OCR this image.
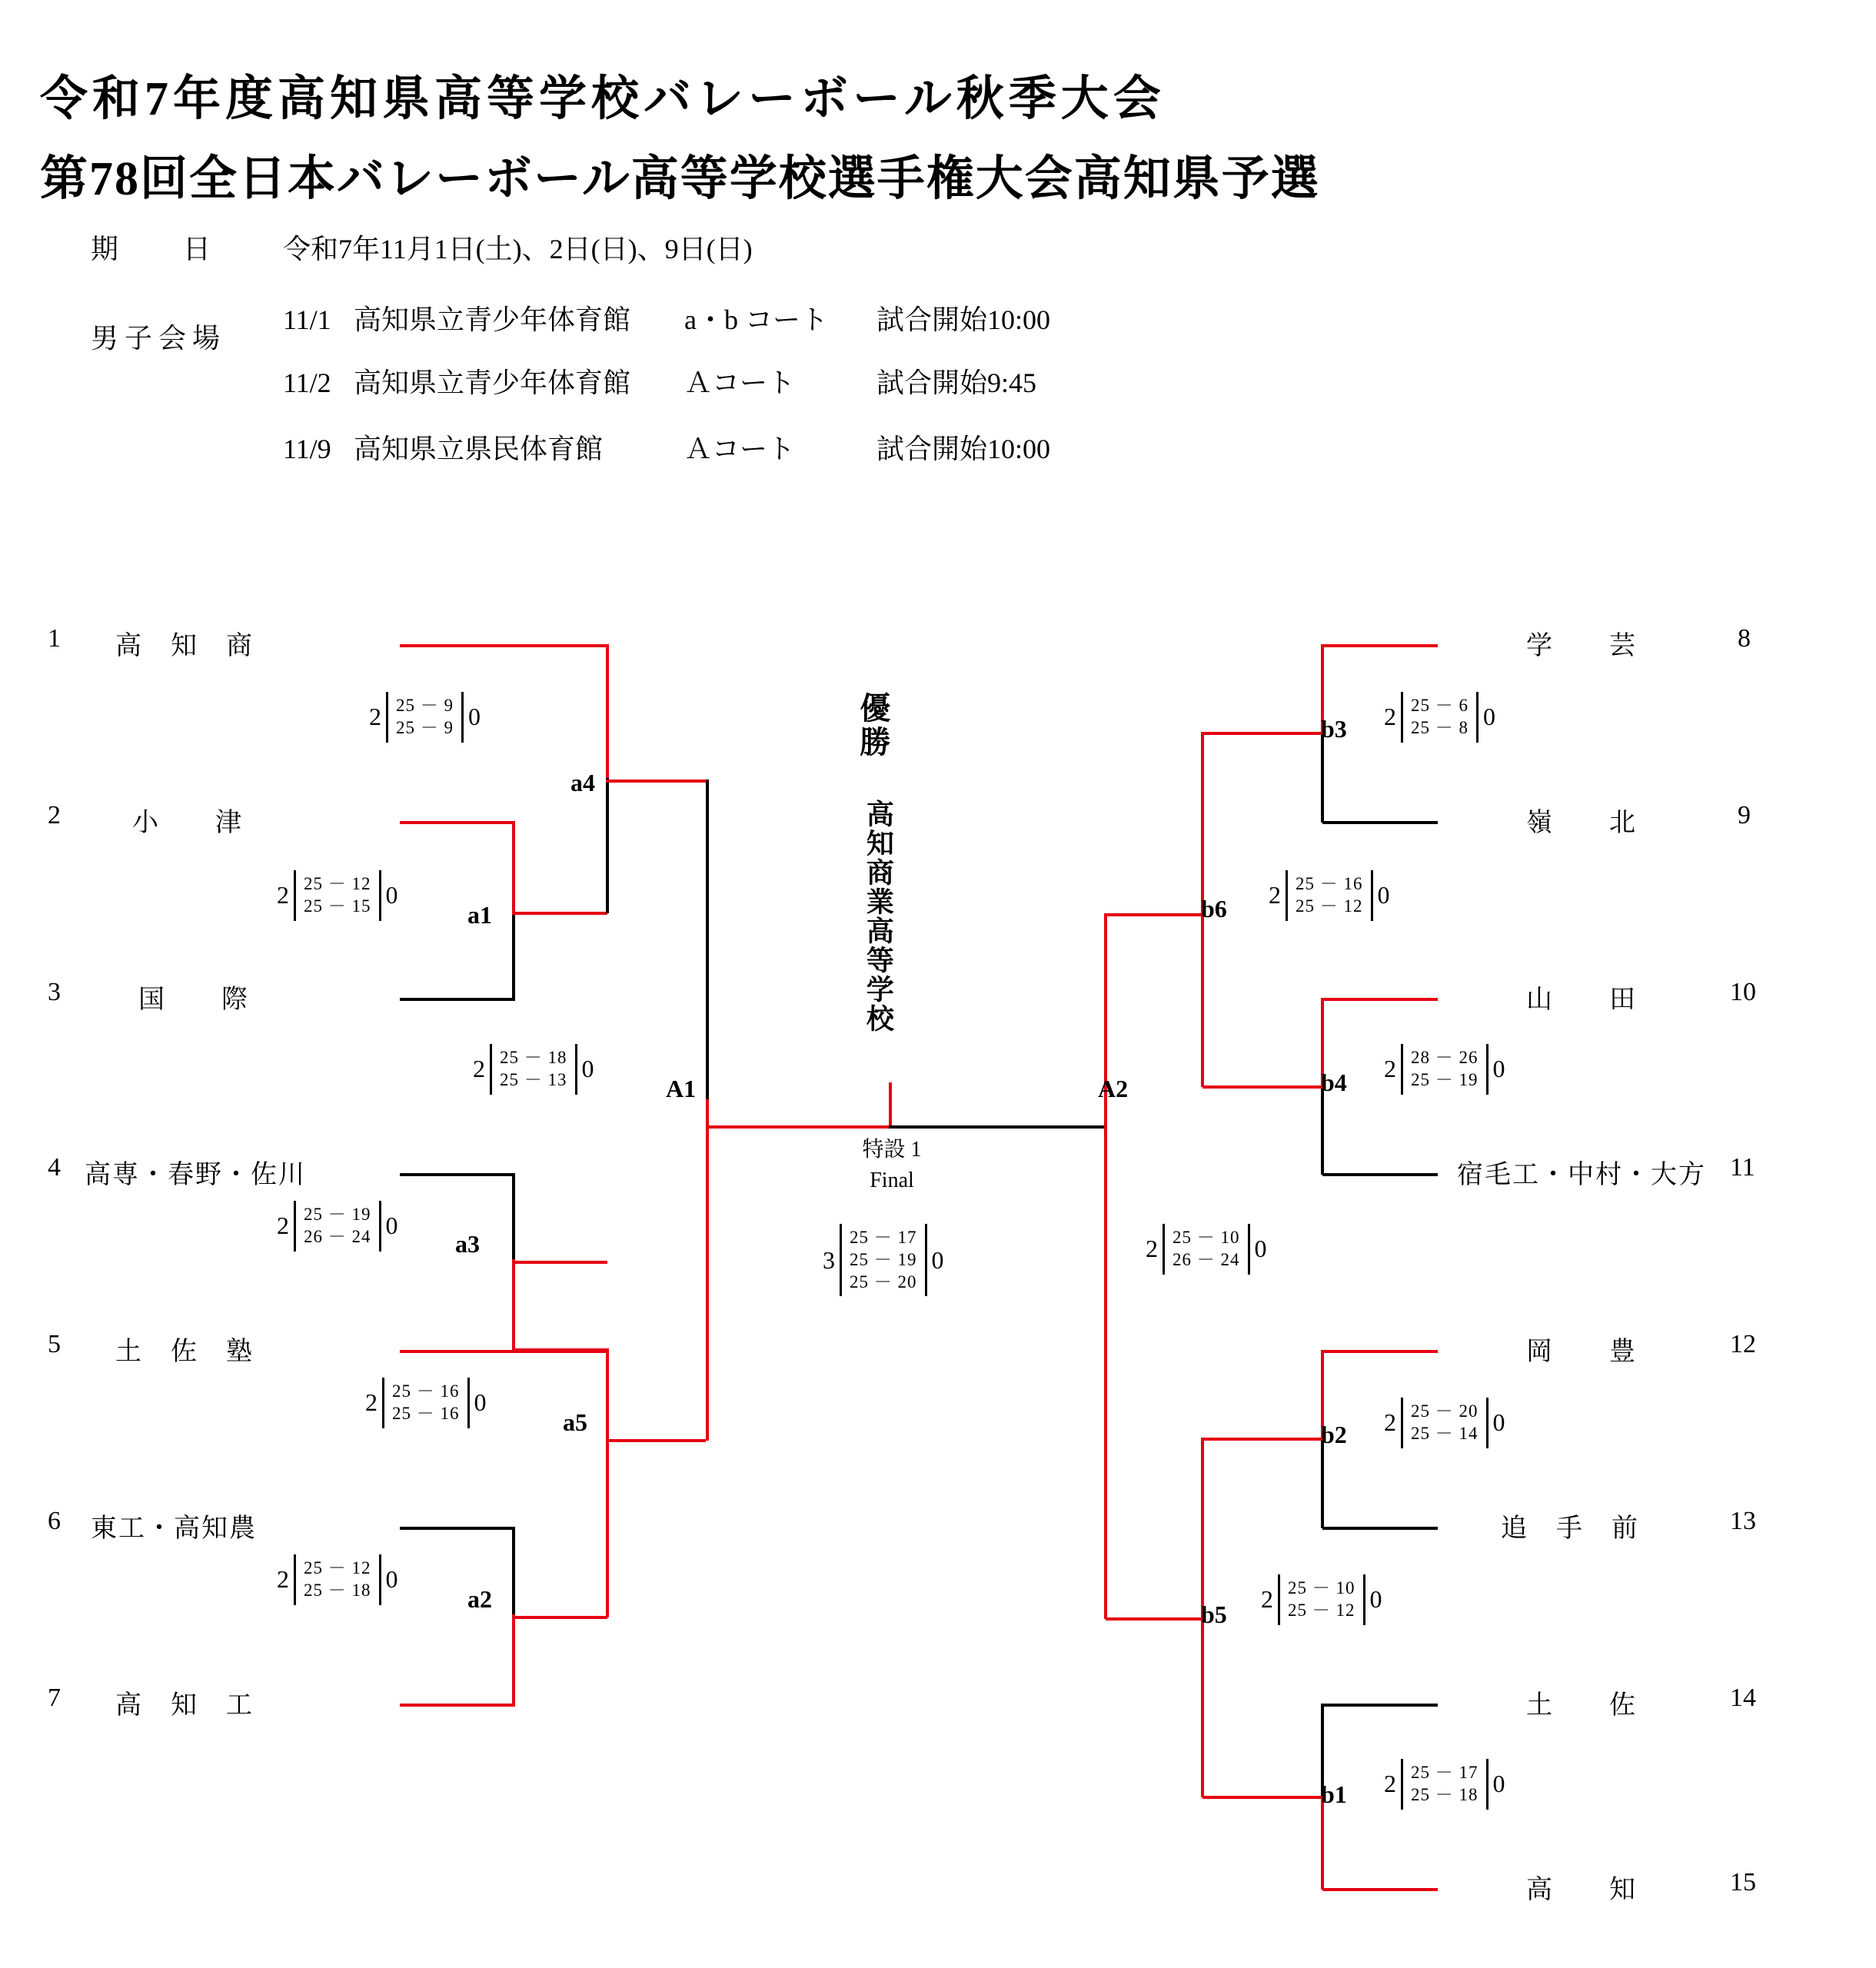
令和7年度高知県高等学校バレーボール秋季大会
第78回全日本バレーボール高等学校選手権大会高知県予選
期　日 令和7年11月1日(土)、2日(日)、9日(日)
男子会場
11/1 高知県立青少年体育館 a・b コート 試合開始10:00
11/2 高知県立青少年体育館 Ａコート	試合開始9:45
11/9 高知県立県民体育館	Ａコート	試合開始10:00
1 高　知　商
2	小　　津
3	国　　際
4 高専・春野・佐川
5 土　佐　塾
6 東工・高知農
7 高　知　工
学　　芸	8
嶺　　北	9
山　　田	10
宿毛工・中村・大方 11
岡　　豊	12
追　手　前	13
土　　佐	14
高　　知	15
優勝
高知商業高等学校
特設 1
Final
3
25 － 17
25 － 19
25 － 20
0
a4
a1
A1
a3
a5
a2
b3
b6
b4
A2
b2
b5
b1
2 25 － 9
25 － 9 0
2 25 － 12
25 － 15 0
2 25 － 18
25 － 13 0
2 25 － 19
26 － 24 0
2 25 － 16
25 － 16 0
2 25 － 12
25 － 18 0
2 25 － 6
25 － 8 0
2 25 － 16
25 － 12 0
2 28 － 26
25 － 19 0
2 25 － 10
26 － 24 0
2 25 － 20
25 － 14 0
2 25 － 10
25 － 12 0
2 25 － 17
25 － 18 0
